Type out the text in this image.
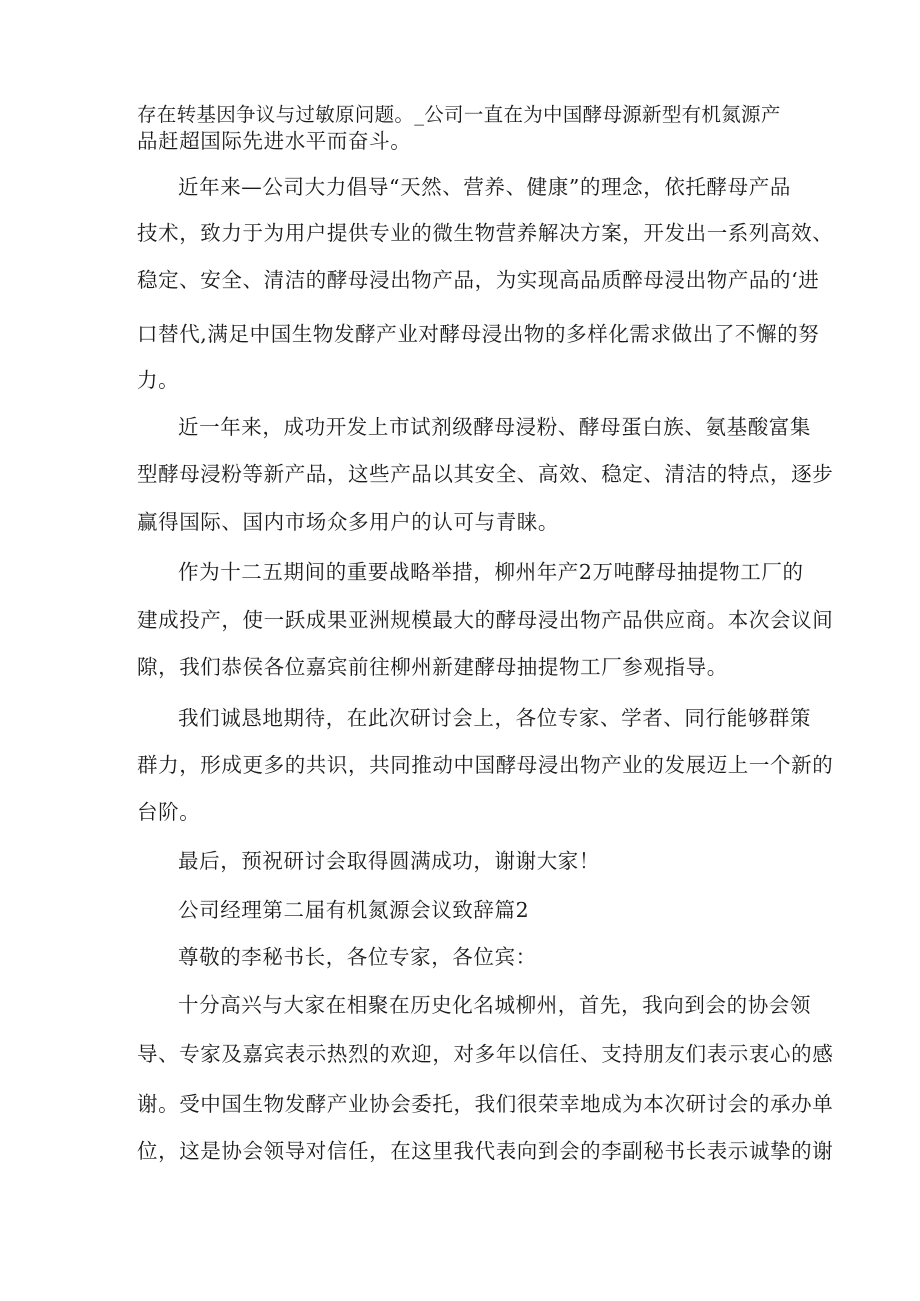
存在转基因争议与过敏原问题。_公司一直在为中国酵母源新型有机氮源产
品赶超国际先进水平而奋斗。
近年来—公司大力倡导“天然、营养、健康”的理念，依托酵母产品
技术，致力于为用户提供专业的微生物营养解决方案，开发出一系列高效、
稳定、安全、清洁的酵母浸出物产品，为实现高品质醉母浸出物产品的‘进
口替代,满足中国生物发酵产业对酵母浸出物的多样化需求做出了不懈的努
力。
近一年来，成功开发上市试剂级酵母浸粉、酵母蛋白族、氨基酸富集
型酵母浸粉等新产品，这些产品以其安全、高效、稳定、清洁的特点，逐步
赢得国际、国内市场众多用户的认可与青睐。
作为十二五期间的重要战略举措，柳州年产2万吨酵母抽提物工厂的
建成投产，使一跃成果亚洲规模最大的酵母浸出物产品供应商。本次会议间
隙，我们恭侯各位嘉宾前往柳州新建酵母抽提物工厂参观指导。
我们诚恳地期待，在此次研讨会上，各位专家、学者、同行能够群策
群力，形成更多的共识，共同推动中国酵母浸出物产业的发展迈上一个新的
台阶。
最后，预祝研讨会取得圆满成功，谢谢大家！
公司经理第二届有机氮源会议致辞篇2
尊敬的李秘书长，各位专家，各位宾：
十分高兴与大家在相聚在历史化名城柳州，首先，我向到会的协会领
导、专家及嘉宾表示热烈的欢迎，对多年以信任、支持朋友们表示衷心的感
谢。受中国生物发酵产业协会委托，我们很荣幸地成为本次研讨会的承办单
位，这是协会领导对信任，在这里我代表向到会的李副秘书长表示诚挚的谢
